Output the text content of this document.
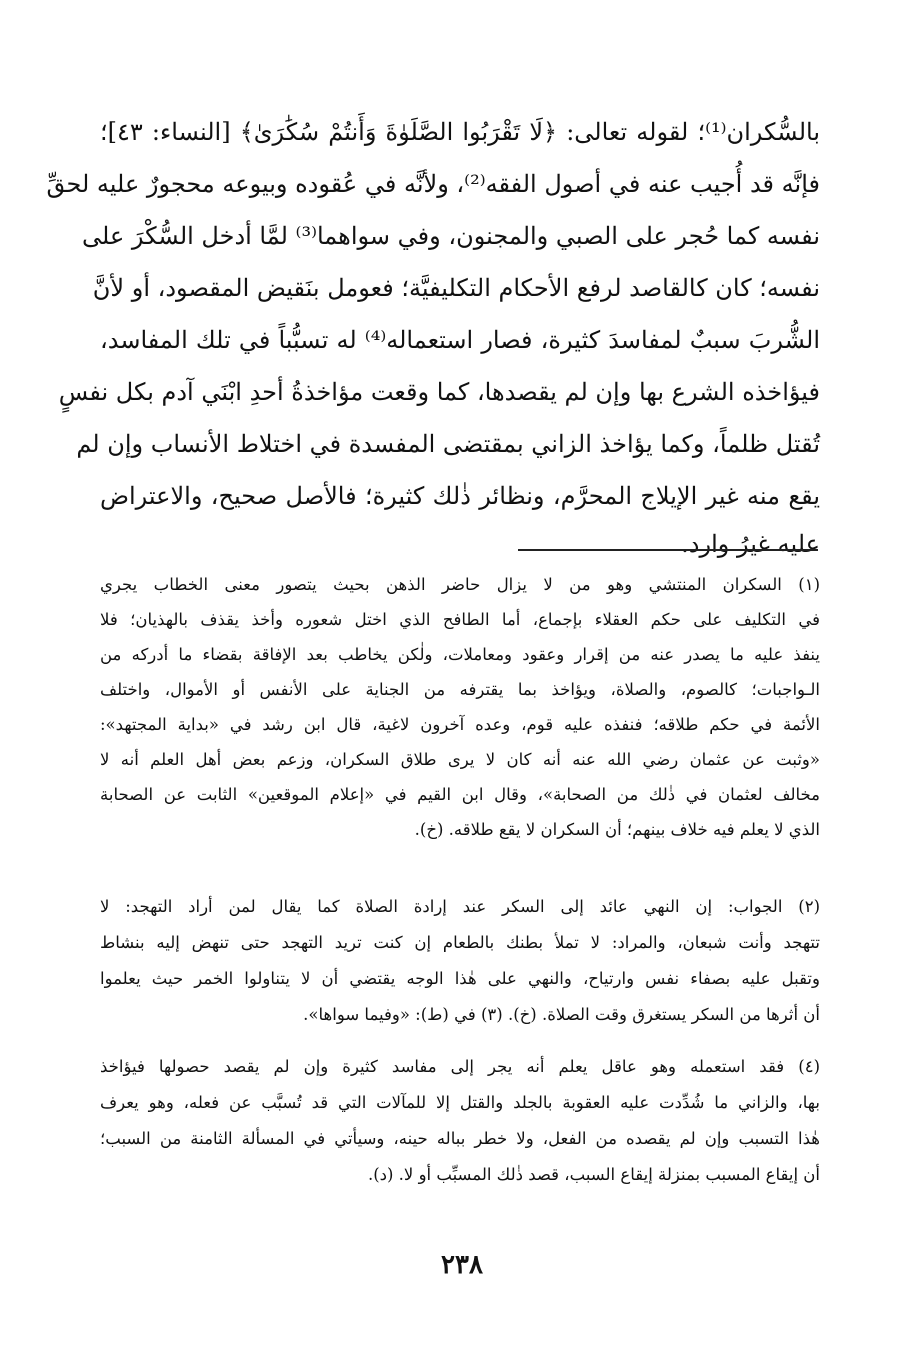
بالسُّكران⁽¹⁾؛ لقوله تعالى: ﴿لَا تَقْرَبُوا الصَّلَوٰةَ وَأَنتُمْ سُكَٰرَىٰ﴾ [النساء: ٤٣]؛
فإنَّه قد أُجيب عنه في أصول الفقه⁽²⁾، ولأنَّه في عُقوده وبيوعه محجورٌ عليه لحقِّ
نفسه كما حُجر على الصبي والمجنون، وفي سواهما⁽³⁾ لمَّا أدخل السُّكْرَ على
نفسه؛ كان كالقاصد لرفع الأحكام التكليفيَّة؛ فعومل بنَقيض المقصود، أو لأنَّ
الشُّربَ سببٌ لمفاسدَ كثيرة، فصار استعماله⁽⁴⁾ له تسبُّباً في تلك المفاسد،
فيؤاخذه الشرع بها وإن لم يقصدها، كما وقعت مؤاخذةُ أحدِ ابْنَي آدم بكل نفسٍ
تُقتل ظلماً، وكما يؤاخذ الزاني بمقتضى المفسدة في اختلاط الأنساب وإن لم
يقع منه غير الإيلاج المحرَّم، ونظائر ذٰلك كثيرة؛ فالأصل صحيح، والاعتراض
عليه غيرُ وارد.
(١) السكران المنتشي وهو من لا يزال حاضر الذهن بحيث يتصور معنى الخطاب يجري
في التكليف على حكم العقلاء بإجماع، أما الطافح الذي اختل شعوره وأخذ يقذف بالهذيان؛ فلا
ينفذ عليه ما يصدر عنه من إقرار وعقود ومعاملات، ولٰكن يخاطب بعد الإفاقة بقضاء ما أدركه من
الـواجبات؛ كالصوم، والصلاة، ويؤاخذ بما يقترفه من الجناية على الأنفس أو الأموال، واختلف
الأئمة في حكم طلاقه؛ فنفذه عليه قوم، وعده آخرون لاغية، قال ابن رشد في «بداية المجتهد»:
«وثبت عن عثمان رضي الله عنه أنه كان لا يرى طلاق السكران، وزعم بعض أهل العلم أنه لا
مخالف لعثمان في ذٰلك من الصحابة»، وقال ابن القيم في «إعلام الموقعين» الثابت عن الصحابة
الذي لا يعلم فيه خلاف بينهم؛ أن السكران لا يقع طلاقه. (خ).
(٢) الجواب: إن النهي عائد إلى السكر عند إرادة الصلاة كما يقال لمن أراد التهجد: لا
تتهجد وأنت شبعان، والمراد: لا تملأ بطنك بالطعام إن كنت تريد التهجد حتى تنهض إليه بنشاط
وتقبل عليه بصفاء نفس وارتياح، والنهي على هٰذا الوجه يقتضي أن لا يتناولوا الخمر حيث يعلموا
أن أثرها من السكر يستغرق وقت الصلاة. (خ). (٣) في (ط): «وفيما سواها».
(٤) فقد استعمله وهو عاقل يعلم أنه يجر إلى مفاسد كثيرة وإن لم يقصد حصولها فيؤاخذ
بها، والزاني ما شُدِّدت عليه العقوبة بالجلد والقتل إلا للمآلات التي قد تُسبَّب عن فعله، وهو يعرف
هٰذا التسبب وإن لم يقصده من الفعل، ولا خطر بباله حينه، وسيأتي في المسألة الثامنة من السبب؛
أن إيقاع المسبب بمنزلة إيقاع السبب، قصد ذٰلك المسبِّب أو لا. (د).
٢٣٨
